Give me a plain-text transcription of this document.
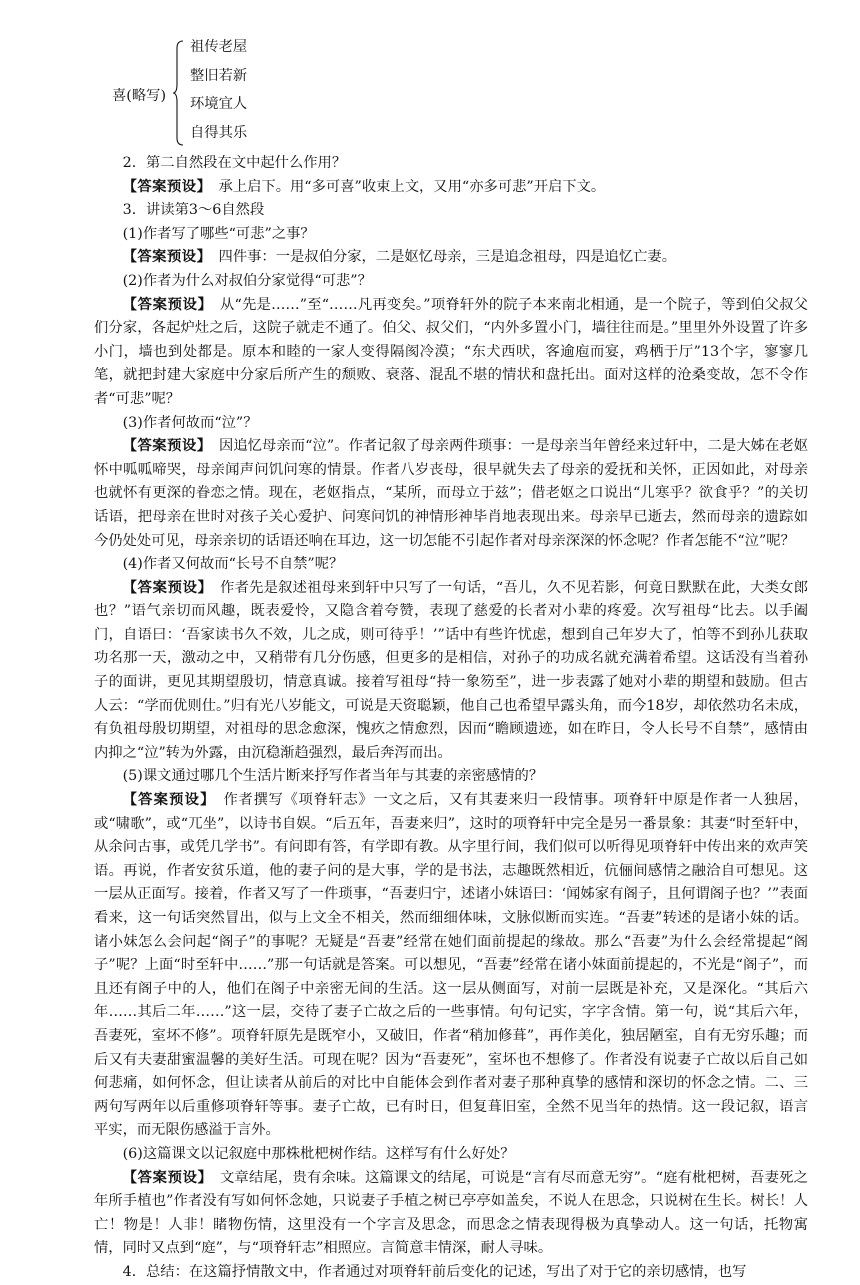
喜(略写)
祖传老屋
整旧若新
环境宜人
自得其乐

2．第二自然段在文中起什么作用？

【答案预设】　承上启下。用“多可喜”收束上文，又用“亦多可悲”开启下文。

3．讲读第3～6自然段

(1)作者写了哪些“可悲”之事？

【答案预设】　四件事：一是叔伯分家，二是妪忆母亲，三是追念祖母，四是追忆亡妻。

(2)作者为什么对叔伯分家觉得“可悲”？

【答案预设】　从“先是……”至“……凡再变矣。”项脊轩外的院子本来南北相通，是一个院子，等到伯父叔父们分家，各起炉灶之后，这院子就走不通了。伯父、叔父们，“内外多置小门，墙往往而是。”里里外外设置了许多小门，墙也到处都是。原本和睦的一家人变得隔阂冷漠；“东犬西吠，客逾庖而宴，鸡栖于厅”13个字，寥寥几笔，就把封建大家庭中分家后所产生的颓败、衰落、混乱不堪的情状和盘托出。面对这样的沧桑变故，怎不令作者“可悲”呢？

(3)作者何故而“泣”？

【答案预设】　因追忆母亲而“泣”。作者记叙了母亲两件琐事：一是母亲当年曾经来过轩中，二是大姊在老妪怀中呱呱啼哭，母亲闻声问饥问寒的情景。作者八岁丧母，很早就失去了母亲的爱抚和关怀，正因如此，对母亲也就怀有更深的眷恋之情。现在，老妪指点，“某所，而母立于兹”；借老妪之口说出“儿寒乎？欲食乎？”的关切话语，把母亲在世时对孩子关心爱护、问寒问饥的神情形神毕肖地表现出来。母亲早已逝去，然而母亲的遗踪如今仍处处可见，母亲亲切的话语还响在耳边，这一切怎能不引起作者对母亲深深的怀念呢？作者怎能不“泣”呢？

(4)作者又何故而“长号不自禁”呢？

【答案预设】　作者先是叙述祖母来到轩中只写了一句话，“吾儿，久不见若影，何竟日默默在此，大类女郎也？”语气亲切而风趣，既表爱怜，又隐含着夸赞，表现了慈爱的长者对小辈的疼爱。次写祖母“比去。以手阖门，自语曰：‘吾家读书久不效，儿之成，则可待乎！’”话中有些许忧虑，想到自己年岁大了，怕等不到孙儿获取功名那一天，激动之中，又稍带有几分伤感，但更多的是相信，对孙子的功成名就充满着希望。这话没有当着孙子的面讲，更见其期望殷切，情意真诚。接着写祖母“持一象笏至”，进一步表露了她对小辈的期望和鼓励。但古人云：“学而优则仕。”归有光八岁能文，可说是天资聪颖，他自己也希望早露头角，而今18岁，却依然功名未成，有负祖母殷切期望，对祖母的思念愈深，愧疚之情愈烈，因而“瞻顾遗迹，如在昨日，令人长号不自禁”，感情由内抑之“泣”转为外露，由沉稳渐趋强烈，最后奔泻而出。

(5)课文通过哪几个生活片断来抒写作者当年与其妻的亲密感情的？

【答案预设】　作者撰写《项脊轩志》一文之后，又有其妻来归一段情事。项脊轩中原是作者一人独居，或“啸歌”，或“兀坐”，以诗书自娱。“后五年，吾妻来归”，这时的项脊轩中完全是另一番景象：其妻“时至轩中，从余问古事，或凭几学书”。有问即有答，有学即有教。从字里行间，我们似可以听得见项脊轩中传出来的欢声笑语。再说，作者安贫乐道，他的妻子问的是大事，学的是书法，志趣既然相近，伉俪间感情之融洽自可想见。这一层从正面写。接着，作者又写了一件琐事，“吾妻归宁，述诸小妹语曰：‘闻姊家有阁子，且何谓阁子也？’”表面看来，这一句话突然冒出，似与上文全不相关，然而细细体味，文脉似断而实连。“吾妻”转述的是诸小妹的话。诸小妹怎么会问起“阁子”的事呢？无疑是“吾妻”经常在她们面前提起的缘故。那么“吾妻”为什么会经常提起“阁子”呢？上面“时至轩中……”那一句话就是答案。可以想见，“吾妻”经常在诸小妹面前提起的，不光是“阁子”，而且还有阁子中的人，他们在阁子中亲密无间的生活。这一层从侧面写，对前一层既是补充，又是深化。“其后六年……其后二年……”这一层，交待了妻子亡故之后的一些事情。句句记实，字字含情。第一句，说“其后六年，吾妻死，室坏不修”。项脊轩原先是既窄小，又破旧，作者“稍加修葺”，再作美化，独居陋室，自有无穷乐趣；而后又有夫妻甜蜜温馨的美好生活。可现在呢？因为“吾妻死”，室坏也不想修了。作者没有说妻子亡故以后自己如何悲痛，如何怀念，但让读者从前后的对比中自能体会到作者对妻子那种真挚的感情和深切的怀念之情。二、三两句写两年以后重修项脊轩等事。妻子亡故，已有时日，但复葺旧室，全然不见当年的热情。这一段记叙，语言平实，而无限伤感溢于言外。

(6)这篇课文以记叙庭中那株枇杷树作结。这样写有什么好处？

【答案预设】　文章结尾，贵有余味。这篇课文的结尾，可说是“言有尽而意无穷”。“庭有枇杷树，吾妻死之年所手植也”作者没有写如何怀念她，只说妻子手植之树已亭亭如盖矣，不说人在思念，只说树在生长。树长！人亡！物是！人非！睹物伤情，这里没有一个字言及思念，而思念之情表现得极为真挚动人。这一句话，托物寓情，同时又点到“庭”，与“项脊轩志”相照应。言简意丰情深，耐人寻味。

4．总结：在这篇抒情散文中，作者通过对项脊轩前后变化的记述，写出了对于它的亲切感情，也写
